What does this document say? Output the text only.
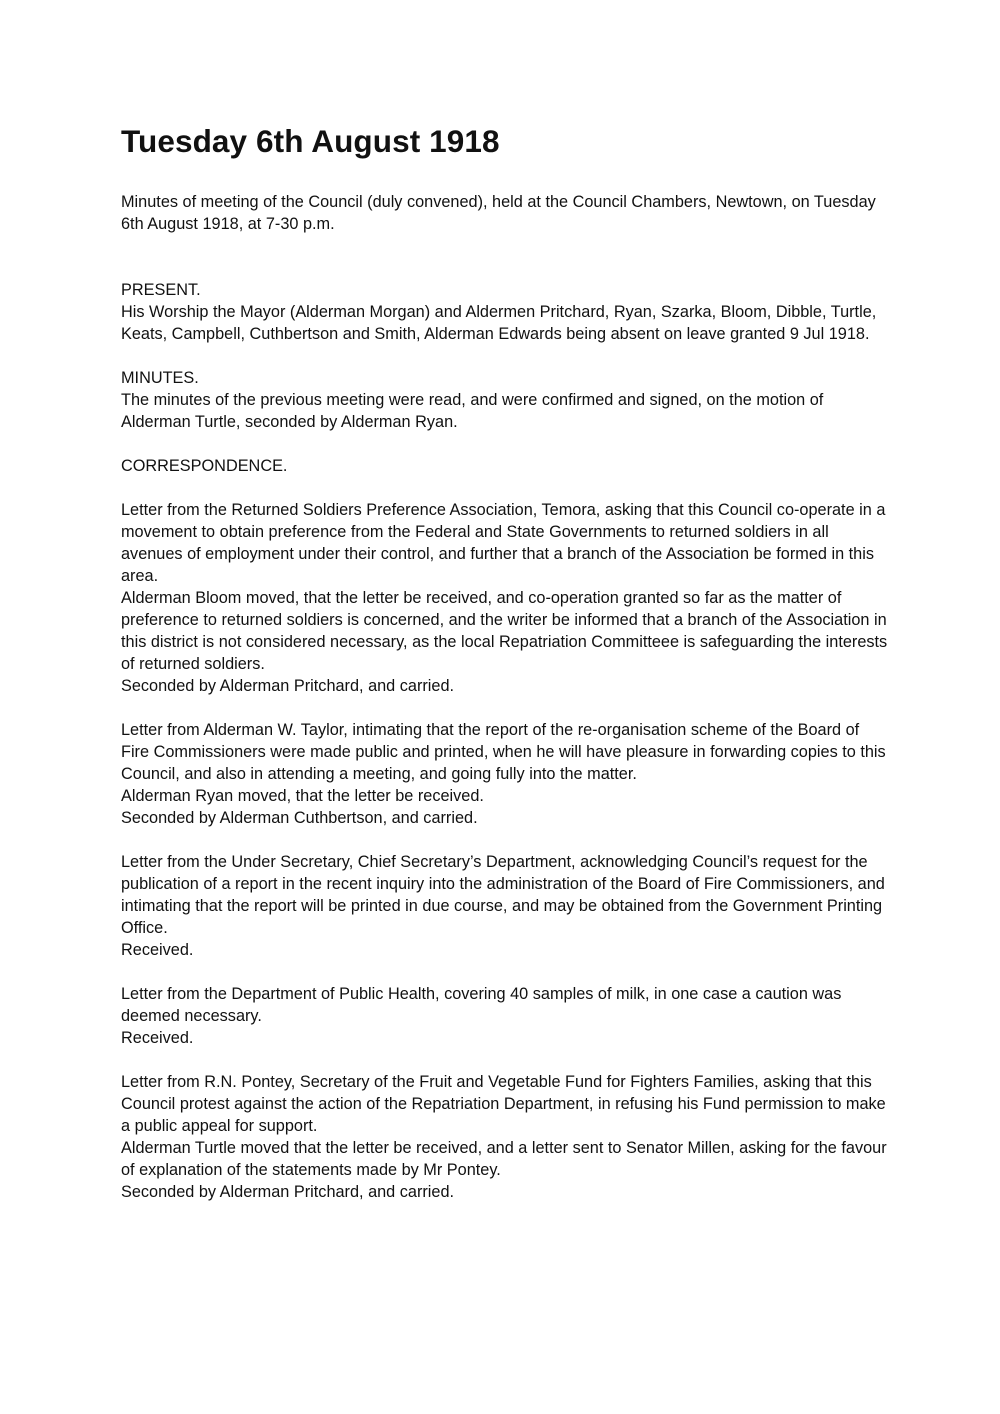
Tuesday 6th August 1918

Minutes of meeting of the Council (duly convened), held at the Council Chambers, Newtown, on Tuesday 6th August 1918, at 7-30 p.m.

PRESENT.

His Worship the Mayor (Alderman Morgan) and Aldermen Pritchard, Ryan, Szarka, Bloom, Dibble, Turtle, Keats, Campbell, Cuthbertson and Smith, Alderman Edwards being absent on leave granted 9 Jul 1918.

MINUTES.

The minutes of the previous meeting were read, and were confirmed and signed, on the motion of Alderman Turtle, seconded by Alderman Ryan.

CORRESPONDENCE.

Letter from the Returned Soldiers Preference Association, Temora, asking that this Council co-operate in a movement to obtain preference from the Federal and State Governments to returned soldiers in all avenues of employment under their control, and further that a branch of the Association be formed in this area.

Alderman Bloom moved, that the letter be received, and co-operation granted so far as the matter of preference to returned soldiers is concerned, and the writer be informed that a branch of the Association in this district is not considered necessary, as the local Repatriation Committeee is safeguarding the interests of returned soldiers.

Seconded by Alderman Pritchard, and carried.

Letter from Alderman W. Taylor, intimating that the report of the re-organisation scheme of the Board of Fire Commissioners were made public and printed, when he will have pleasure in forwarding copies to this Council, and also in attending a meeting, and going fully into the matter.

Alderman Ryan moved, that the letter be received.

Seconded by Alderman Cuthbertson, and carried.

Letter from the Under Secretary, Chief Secretary’s Department, acknowledging Council’s request for the publication of a report in the recent inquiry into the administration of the Board of Fire Commissioners, and intimating that the report will be printed in due course, and may be obtained from the Government Printing Office.

Received.

Letter from the Department of Public Health, covering 40 samples of milk, in one case a caution was deemed necessary.

Received.

Letter from R.N. Pontey, Secretary of the Fruit and Vegetable Fund for Fighters Families, asking that this Council protest against the action of the Repatriation Department, in refusing his Fund permission to make a public appeal for support.

Alderman Turtle moved that the letter be received, and a letter sent to Senator Millen, asking for the favour of explanation of the statements made by Mr Pontey.

Seconded by Alderman Pritchard, and carried.
